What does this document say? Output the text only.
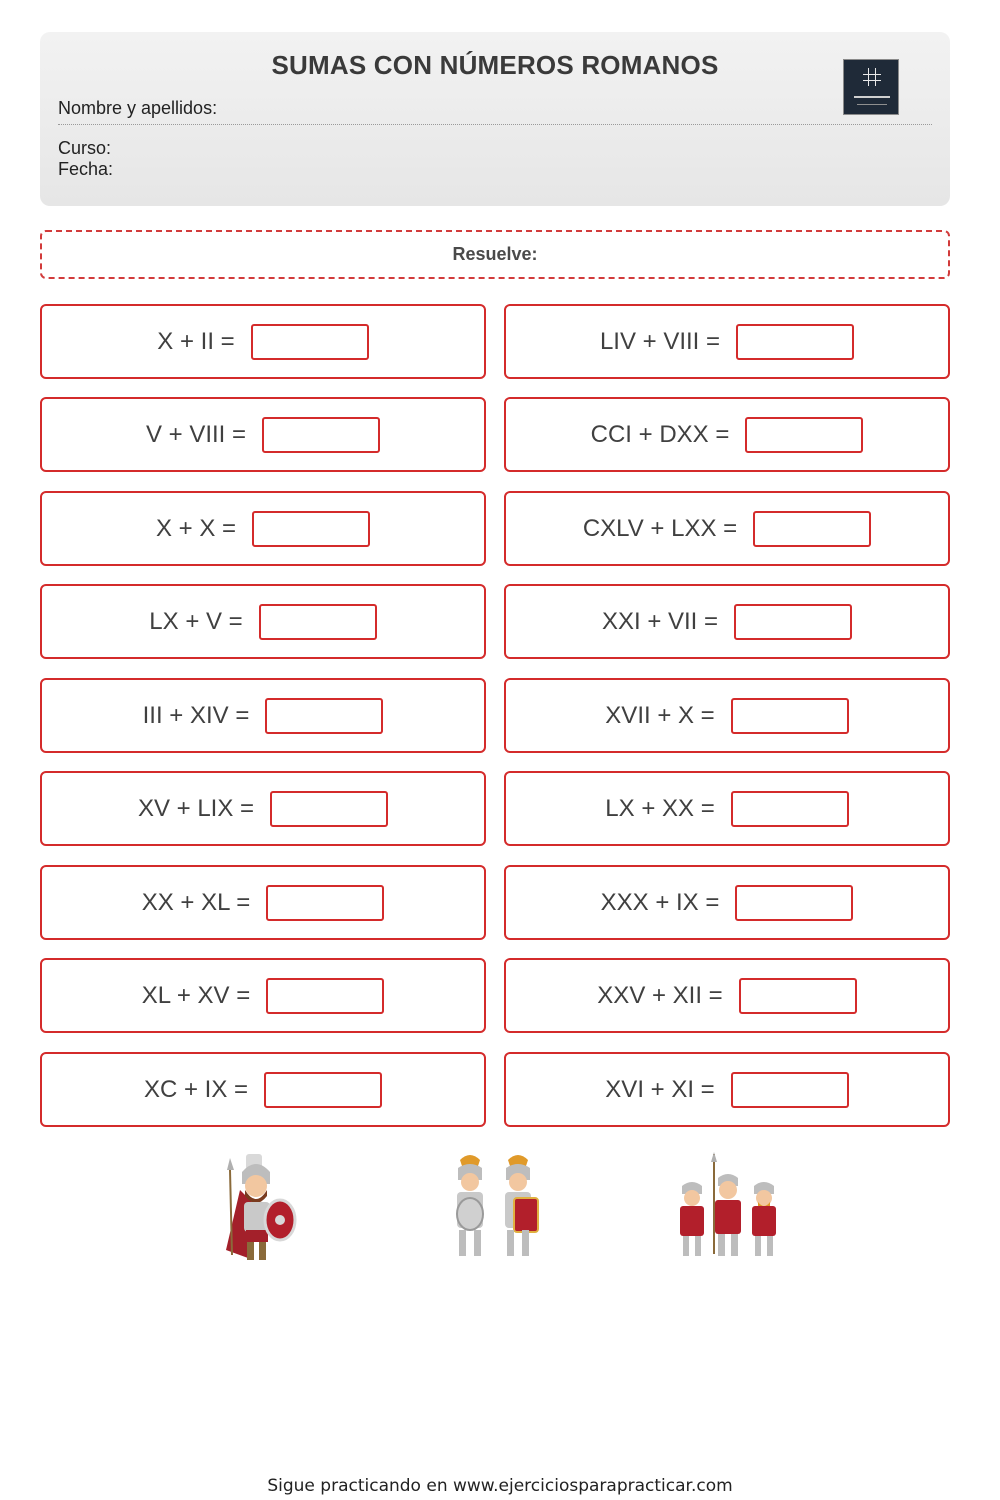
SUMAS CON NÚMEROS ROMANOS
Nombre y apellidos:
Curso:
Fecha:
Resuelve:
X + II =
V + VIII =
X + X =
LX + V =
III + XIV =
XV + LIX =
XX + XL =
XL + XV =
XC + IX =
LIV + VIII =
CCI + DXX =
CXLV + LXX =
XXI + VII =
XVII + X =
LX + XX =
XXX + IX =
XXV + XII =
XVI + XI =
Sigue practicando en www.ejerciciosparapracticar.com
